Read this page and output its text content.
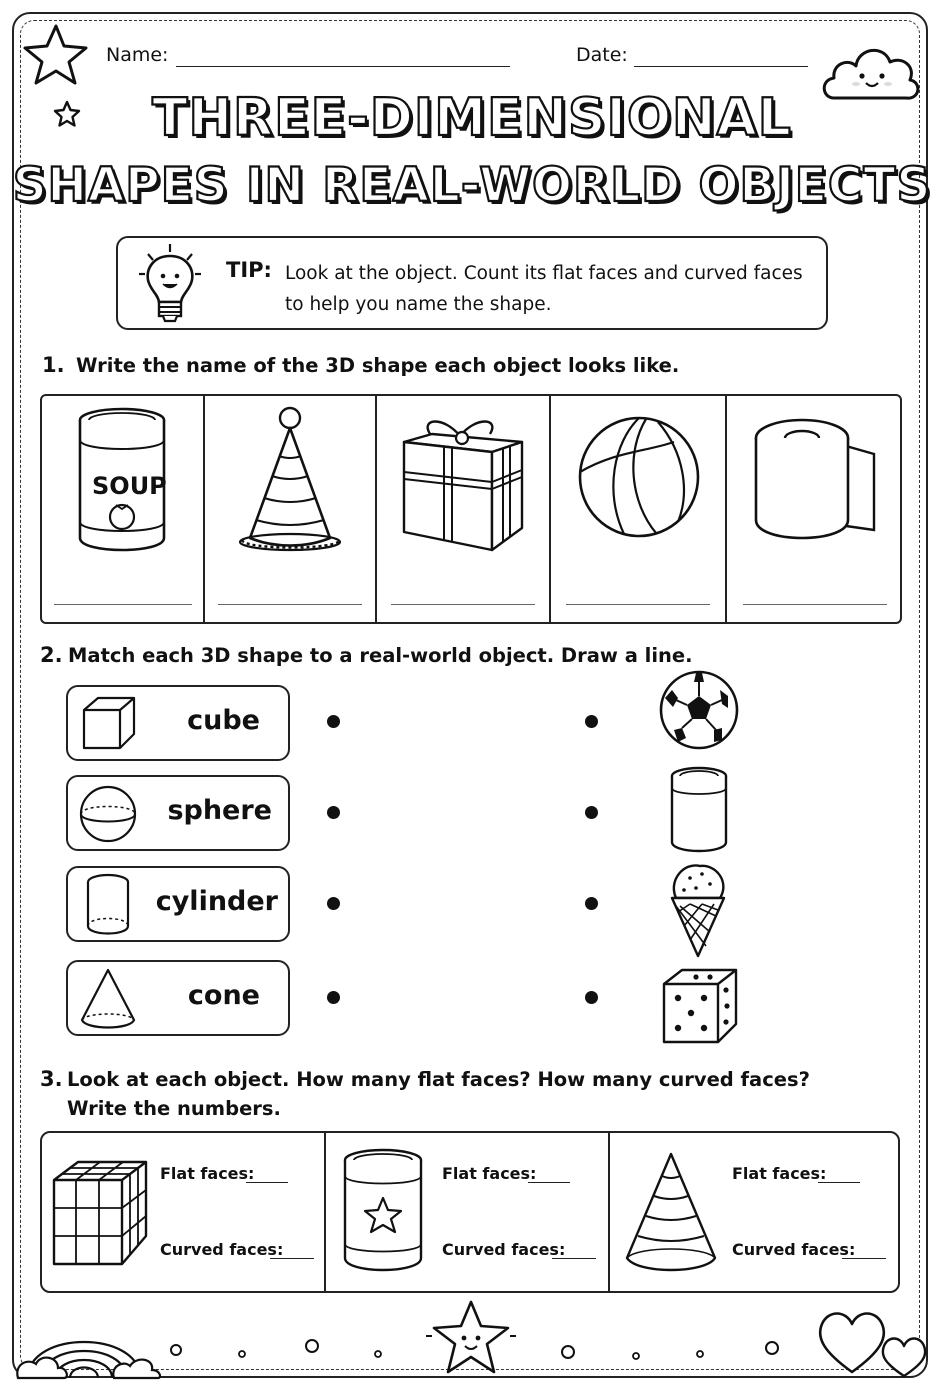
Name:	Date:
THREE-DIMENSIONAL
SHAPES IN REAL-WORLD OBJECTS
TIP: Look at the object. Count its flat faces and curved faces to help you name the shape.
1. Write the name of the 3D shape each object looks like.
SOUP
2. Match each 3D shape to a real-world object. Draw a line.
cube
sphere
cylinder
cone
3. Look at each object. How many flat faces? How many curved faces?
Write the numbers.
Flat faces:
Curved faces:
Flat faces:
Curved faces:
Flat faces:
Curved faces:
